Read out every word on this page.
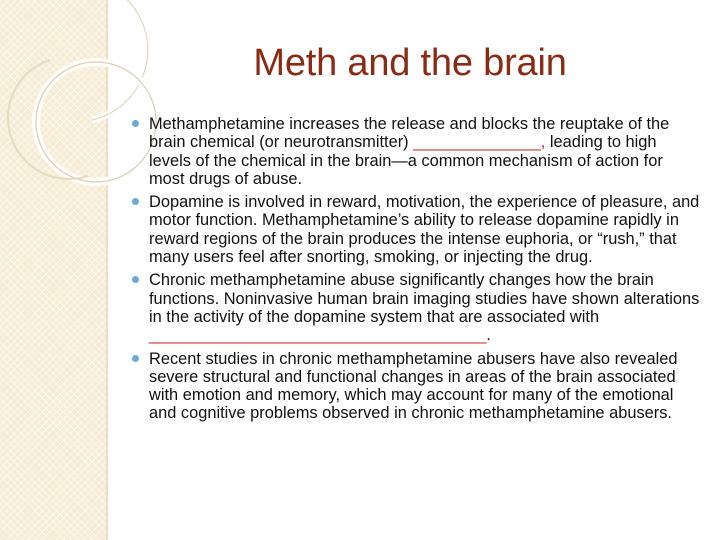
Meth and the brain
Methamphetamine increases the release and blocks the reuptake of the brain chemical (or neurotransmitter) ______________, leading to high levels of the chemical in the brain—a common mechanism of action for most drugs of abuse.
Dopamine is involved in reward, motivation, the experience of pleasure, and motor function. Methamphetamine’s ability to release dopamine rapidly in reward regions of the brain produces the intense euphoria, or “rush,” that many users feel after snorting, smoking, or injecting the drug.
Chronic methamphetamine abuse significantly changes how the brain functions. Noninvasive human brain imaging studies have shown alterations in the activity of the dopamine system that are associated with _____________________________________.
Recent studies in chronic methamphetamine abusers have also revealed severe structural and functional changes in areas of the brain associated with emotion and memory, which may account for many of the emotional and cognitive problems observed in chronic methamphetamine abusers.
